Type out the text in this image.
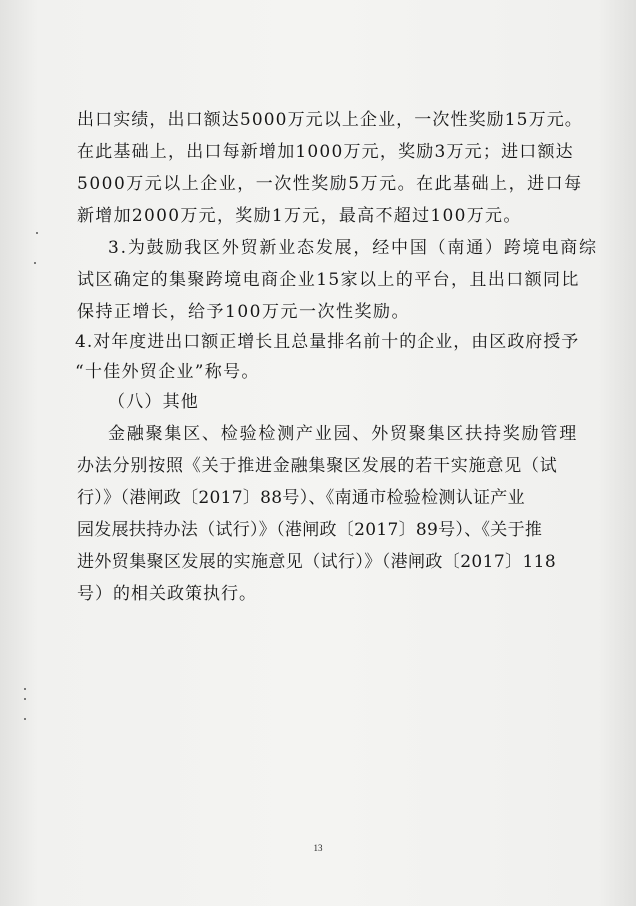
出口实绩，出口额达5000万元以上企业，一次性奖励15万元。
在此基础上，出口每新增加1000万元，奖励3万元；进口额达
5000万元以上企业，一次性奖励5万元。在此基础上，进口每
新增加2000万元，奖励1万元，最高不超过100万元。
3.为鼓励我区外贸新业态发展，经中国（南通）跨境电商综
试区确定的集聚跨境电商企业15家以上的平台，且出口额同比
保持正增长，给予100万元一次性奖励。
4.对年度进出口额正增长且总量排名前十的企业，由区政府授予
“十佳外贸企业”称号。
（八）其他
金融聚集区、检验检测产业园、外贸聚集区扶持奖励管理
办法分别按照《关于推进金融集聚区发展的若干实施意见（试
行）》（港闸政〔2017〕88号）、《南通市检验检测认证产业
园发展扶持办法（试行）》（港闸政〔2017〕89号）、《关于推
进外贸集聚区发展的实施意见（试行）》（港闸政〔2017〕118
号）的相关政策执行。
13
